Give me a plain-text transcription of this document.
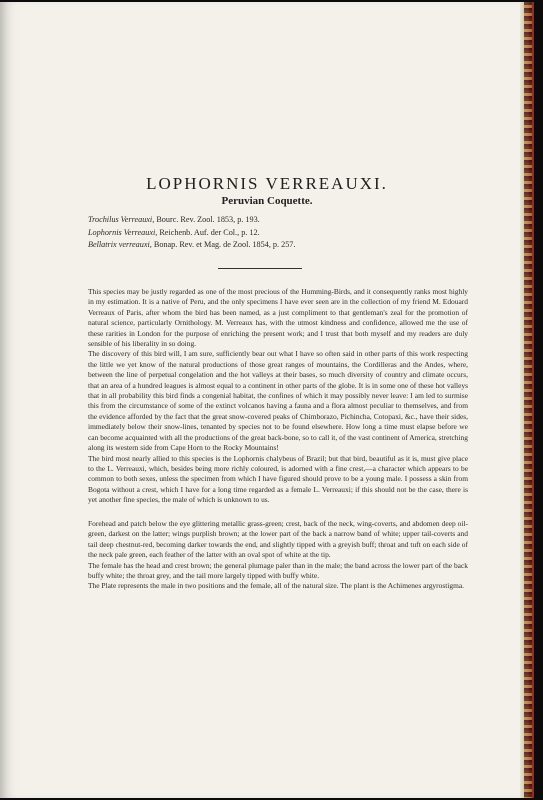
LOPHORNIS VERREAUXI.
Peruvian Coquette.
Trochilus Verreauxi, Bourc. Rev. Zool. 1853, p. 193.
Lophornis Verreauxi, Reichenb. Auf. der Col., p. 12.
Bellatrix verreauxi, Bonap. Rev. et Mag. de Zool. 1854, p. 257.

This species may be justly regarded as one of the most precious of the Humming-Birds, and it consequently ranks most highly in my estimation. It is a native of Peru, and the only specimens I have ever seen are in the collection of my friend M. Edouard Verreaux of Paris, after whom the bird has been named, as a just compliment to that gentleman's zeal for the promotion of natural science, particularly Ornithology. M. Verreaux has, with the utmost kindness and confidence, allowed me the use of these rarities in London for the purpose of enriching the present work; and I trust that both myself and my readers are duly sensible of his liberality in so doing.

The discovery of this bird will, I am sure, sufficiently bear out what I have so often said in other parts of this work respecting the little we yet know of the natural productions of those great ranges of mountains, the Cordilleras and the Andes, where, between the line of perpetual congelation and the hot valleys at their bases, so much diversity of country and climate occurs, that an area of a hundred leagues is almost equal to a continent in other parts of the globe. It is in some one of these hot valleys that in all probability this bird finds a congenial habitat, the confines of which it may possibly never leave: I am led to surmise this from the circumstance of some of the extinct volcanos having a fauna and a flora almost peculiar to themselves, and from the evidence afforded by the fact that the great snow-covered peaks of Chimborazo, Pichincha, Cotopaxi, &c., have their sides, immediately below their snow-lines, tenanted by species not to be found elsewhere. How long a time must elapse before we can become acquainted with all the productions of the great back-bone, so to call it, of the vast continent of America, stretching along its western side from Cape Horn to the Rocky Mountains!

The bird most nearly allied to this species is the Lophornis chalybeus of Brazil; but that bird, beautiful as it is, must give place to the L. Verreauxi, which, besides being more richly coloured, is adorned with a fine crest,—a character which appears to be common to both sexes, unless the specimen from which I have figured should prove to be a young male. I possess a skin from Bogota without a crest, which I have for a long time regarded as a female L. Verreauxi; if this should not be the case, there is yet another fine species, the male of which is unknown to us.

Forehead and patch below the eye glittering metallic grass-green; crest, back of the neck, wing-coverts, and abdomen deep oil-green, darkest on the latter; wings purplish brown; at the lower part of the back a narrow band of white; upper tail-coverts and tail deep chestnut-red, becoming darker towards the end, and slightly tipped with a greyish buff; throat and tuft on each side of the neck pale green, each feather of the latter with an oval spot of white at the tip.

The female has the head and crest brown; the general plumage paler than in the male; the band across the lower part of the back buffy white; the throat grey, and the tail more largely tipped with buffy white.

The Plate represents the male in two positions and the female, all of the natural size. The plant is the Achimenes argyrostigma.
